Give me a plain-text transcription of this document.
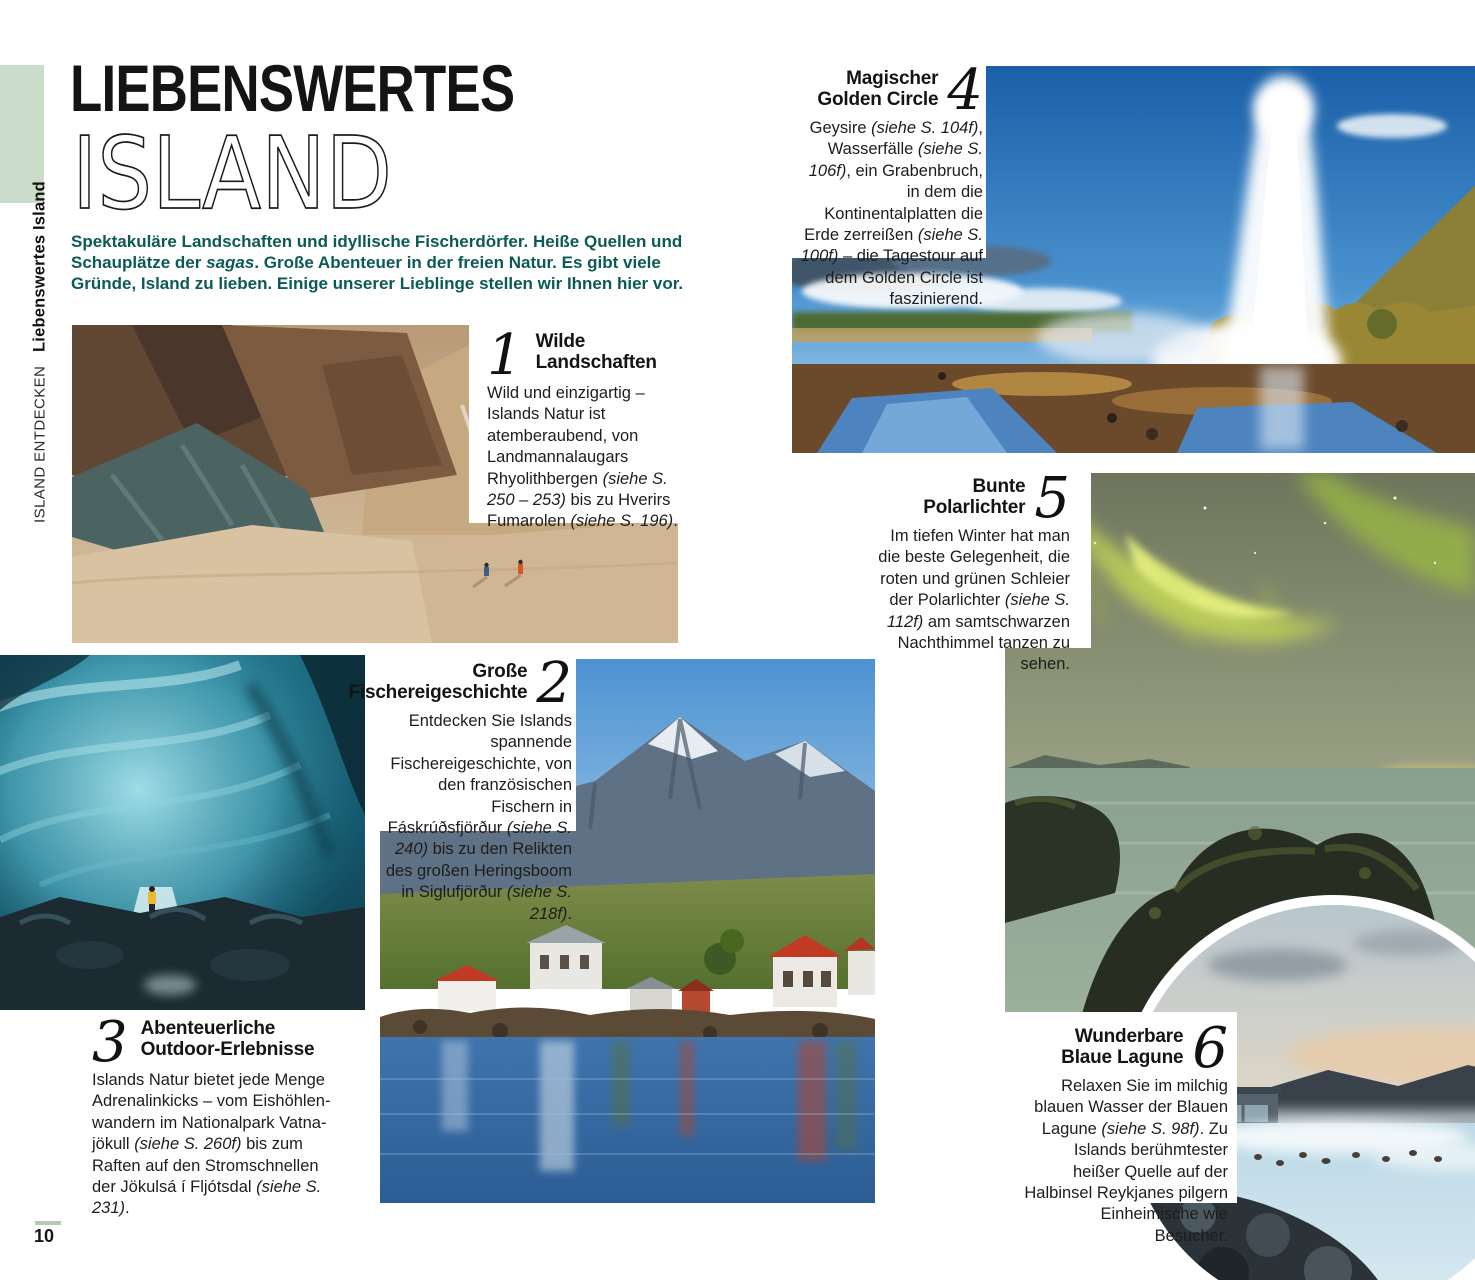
ISLAND ENTDECKEN
Liebenswertes Island
LIEBENSWERTES
ISLAND

Spektakuläre Landschaften und idyllische Fischerdörfer. Heiße Quellen und Schauplätze der sagas. Große Abenteuer in der freien Natur. Es gibt viele Gründe, Island zu lieben. Einige unserer Lieblinge stellen wir Ihnen hier vor.

1 Wilde
Landschaften

Wild und einzigartig – Islands Natur ist atemberaubend, von Landmannalaugars Rhyolithbergen (siehe S. 250 – 253) bis zu Hverirs Fumarolen (siehe S. 196).

Große
Fischereigeschichte 2

Entdecken Sie Islands spannende Fischereigeschichte, von den französischen Fischern in Fáskrúðsfjörður (siehe S. 240) bis zu den Relikten des großen Heringsboom in Siglufjörður (siehe S. 218f).

3 Abenteuerliche
Outdoor-Erlebnisse

Islands Natur bietet jede Menge Adrenalinkicks – vom Eishöhlenwandern im Nationalpark Vatnajökull (siehe S. 260f) bis zum Raften auf den Stromschnellen der Jökulsá í Fljótsdal (siehe S. 231).

Magischer
Golden Circle 4

Geysire (siehe S. 104f), Wasserfälle (siehe S. 106f), ein Grabenbruch, in dem die Kontinentalplatten die Erde zerreißen (siehe S. 100f) – die Tagestour auf dem Golden Circle ist faszinierend.

Bunte
Polarlichter 5

Im tiefen Winter hat man die beste Gelegenheit, die roten und grünen Schleier der Polarlichter (siehe S. 112f) am samtschwarzen Nachthimmel tanzen zu sehen.

Wunderbare
Blaue Lagune 6

Relaxen Sie im milchig blauen Wasser der Blauen Lagune (siehe S. 98f). Zu Islands berühmtester heißer Quelle auf der Halbinsel Reykjanes pilgern Einheimische wie Besucher.

10
